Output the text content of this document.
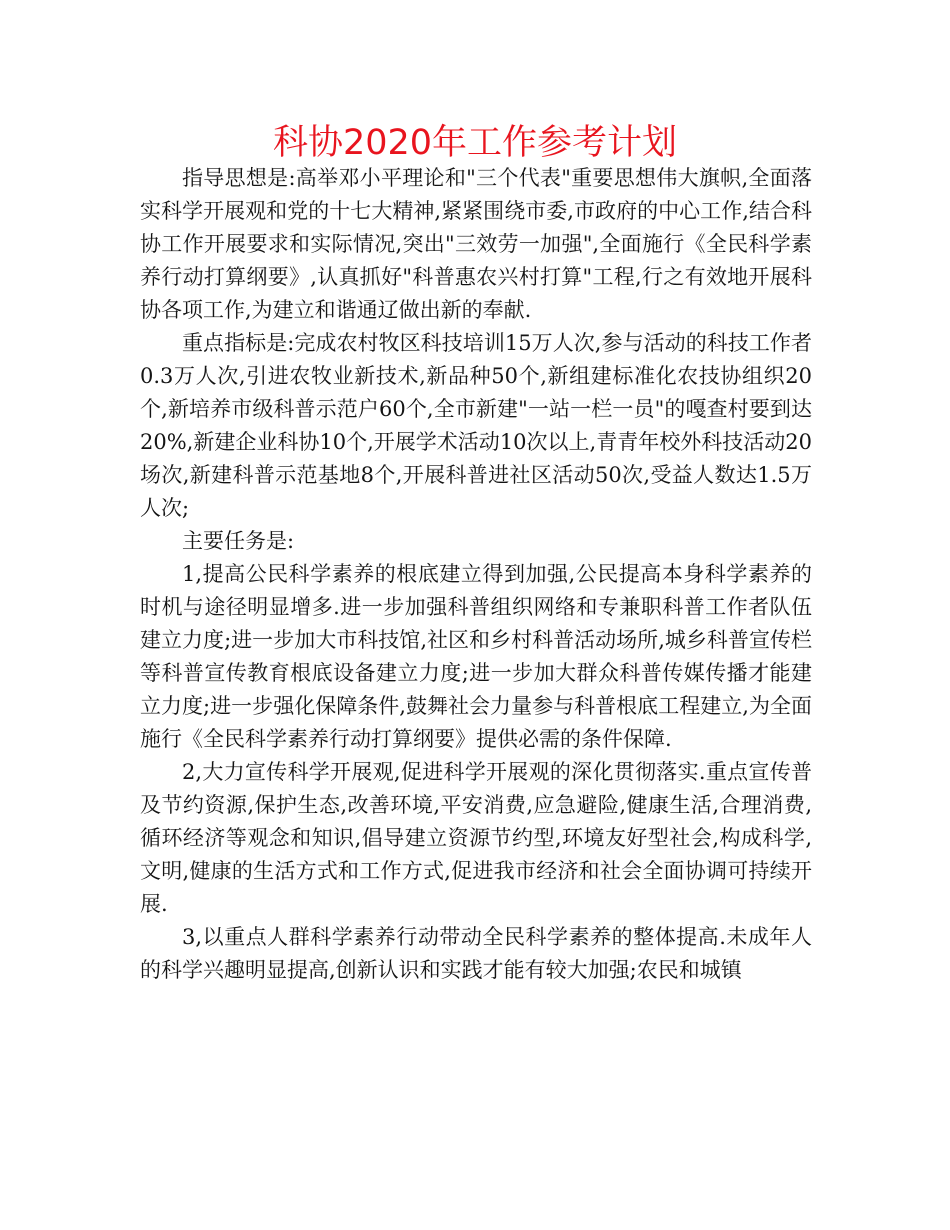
科协2020年工作参考计划

指导思想是:高举邓小平理论和"三个代表"重要思想伟大旗帜,全面落实科学开展观和党的十七大精神,紧紧围绕市委,市政府的中心工作,结合科协工作开展要求和实际情况,突出"三效劳一加强",全面施行《全民科学素养行动打算纲要》,认真抓好"科普惠农兴村打算"工程,行之有效地开展科协各项工作,为建立和谐通辽做出新的奉献.

重点指标是:完成农村牧区科技培训15万人次,参与活动的科技工作者0.3万人次,引进农牧业新技术,新品种50个,新组建标准化农技协组织20个,新培养市级科普示范户60个,全市新建"一站一栏一员"的嘎查村要到达20%,新建企业科协10个,开展学术活动10次以上,青青年校外科技活动20场次,新建科普示范基地8个,开展科普进社区活动50次,受益人数达1.5万人次;

主要任务是:

1,提高公民科学素养的根底建立得到加强,公民提高本身科学素养的时机与途径明显增多.进一步加强科普组织网络和专兼职科普工作者队伍建立力度;进一步加大市科技馆,社区和乡村科普活动场所,城乡科普宣传栏等科普宣传教育根底设备建立力度;进一步加大群众科普传媒传播才能建立力度;进一步强化保障条件,鼓舞社会力量参与科普根底工程建立,为全面施行《全民科学素养行动打算纲要》提供必需的条件保障.

2,大力宣传科学开展观,促进科学开展观的深化贯彻落实.重点宣传普及节约资源,保护生态,改善环境,平安消费,应急避险,健康生活,合理消费,循环经济等观念和知识,倡导建立资源节约型,环境友好型社会,构成科学,文明,健康的生活方式和工作方式,促进我市经济和社会全面协调可持续开展.

3,以重点人群科学素养行动带动全民科学素养的整体提高.未成年人的科学兴趣明显提高,创新认识和实践才能有较大加强;农民和城镇
